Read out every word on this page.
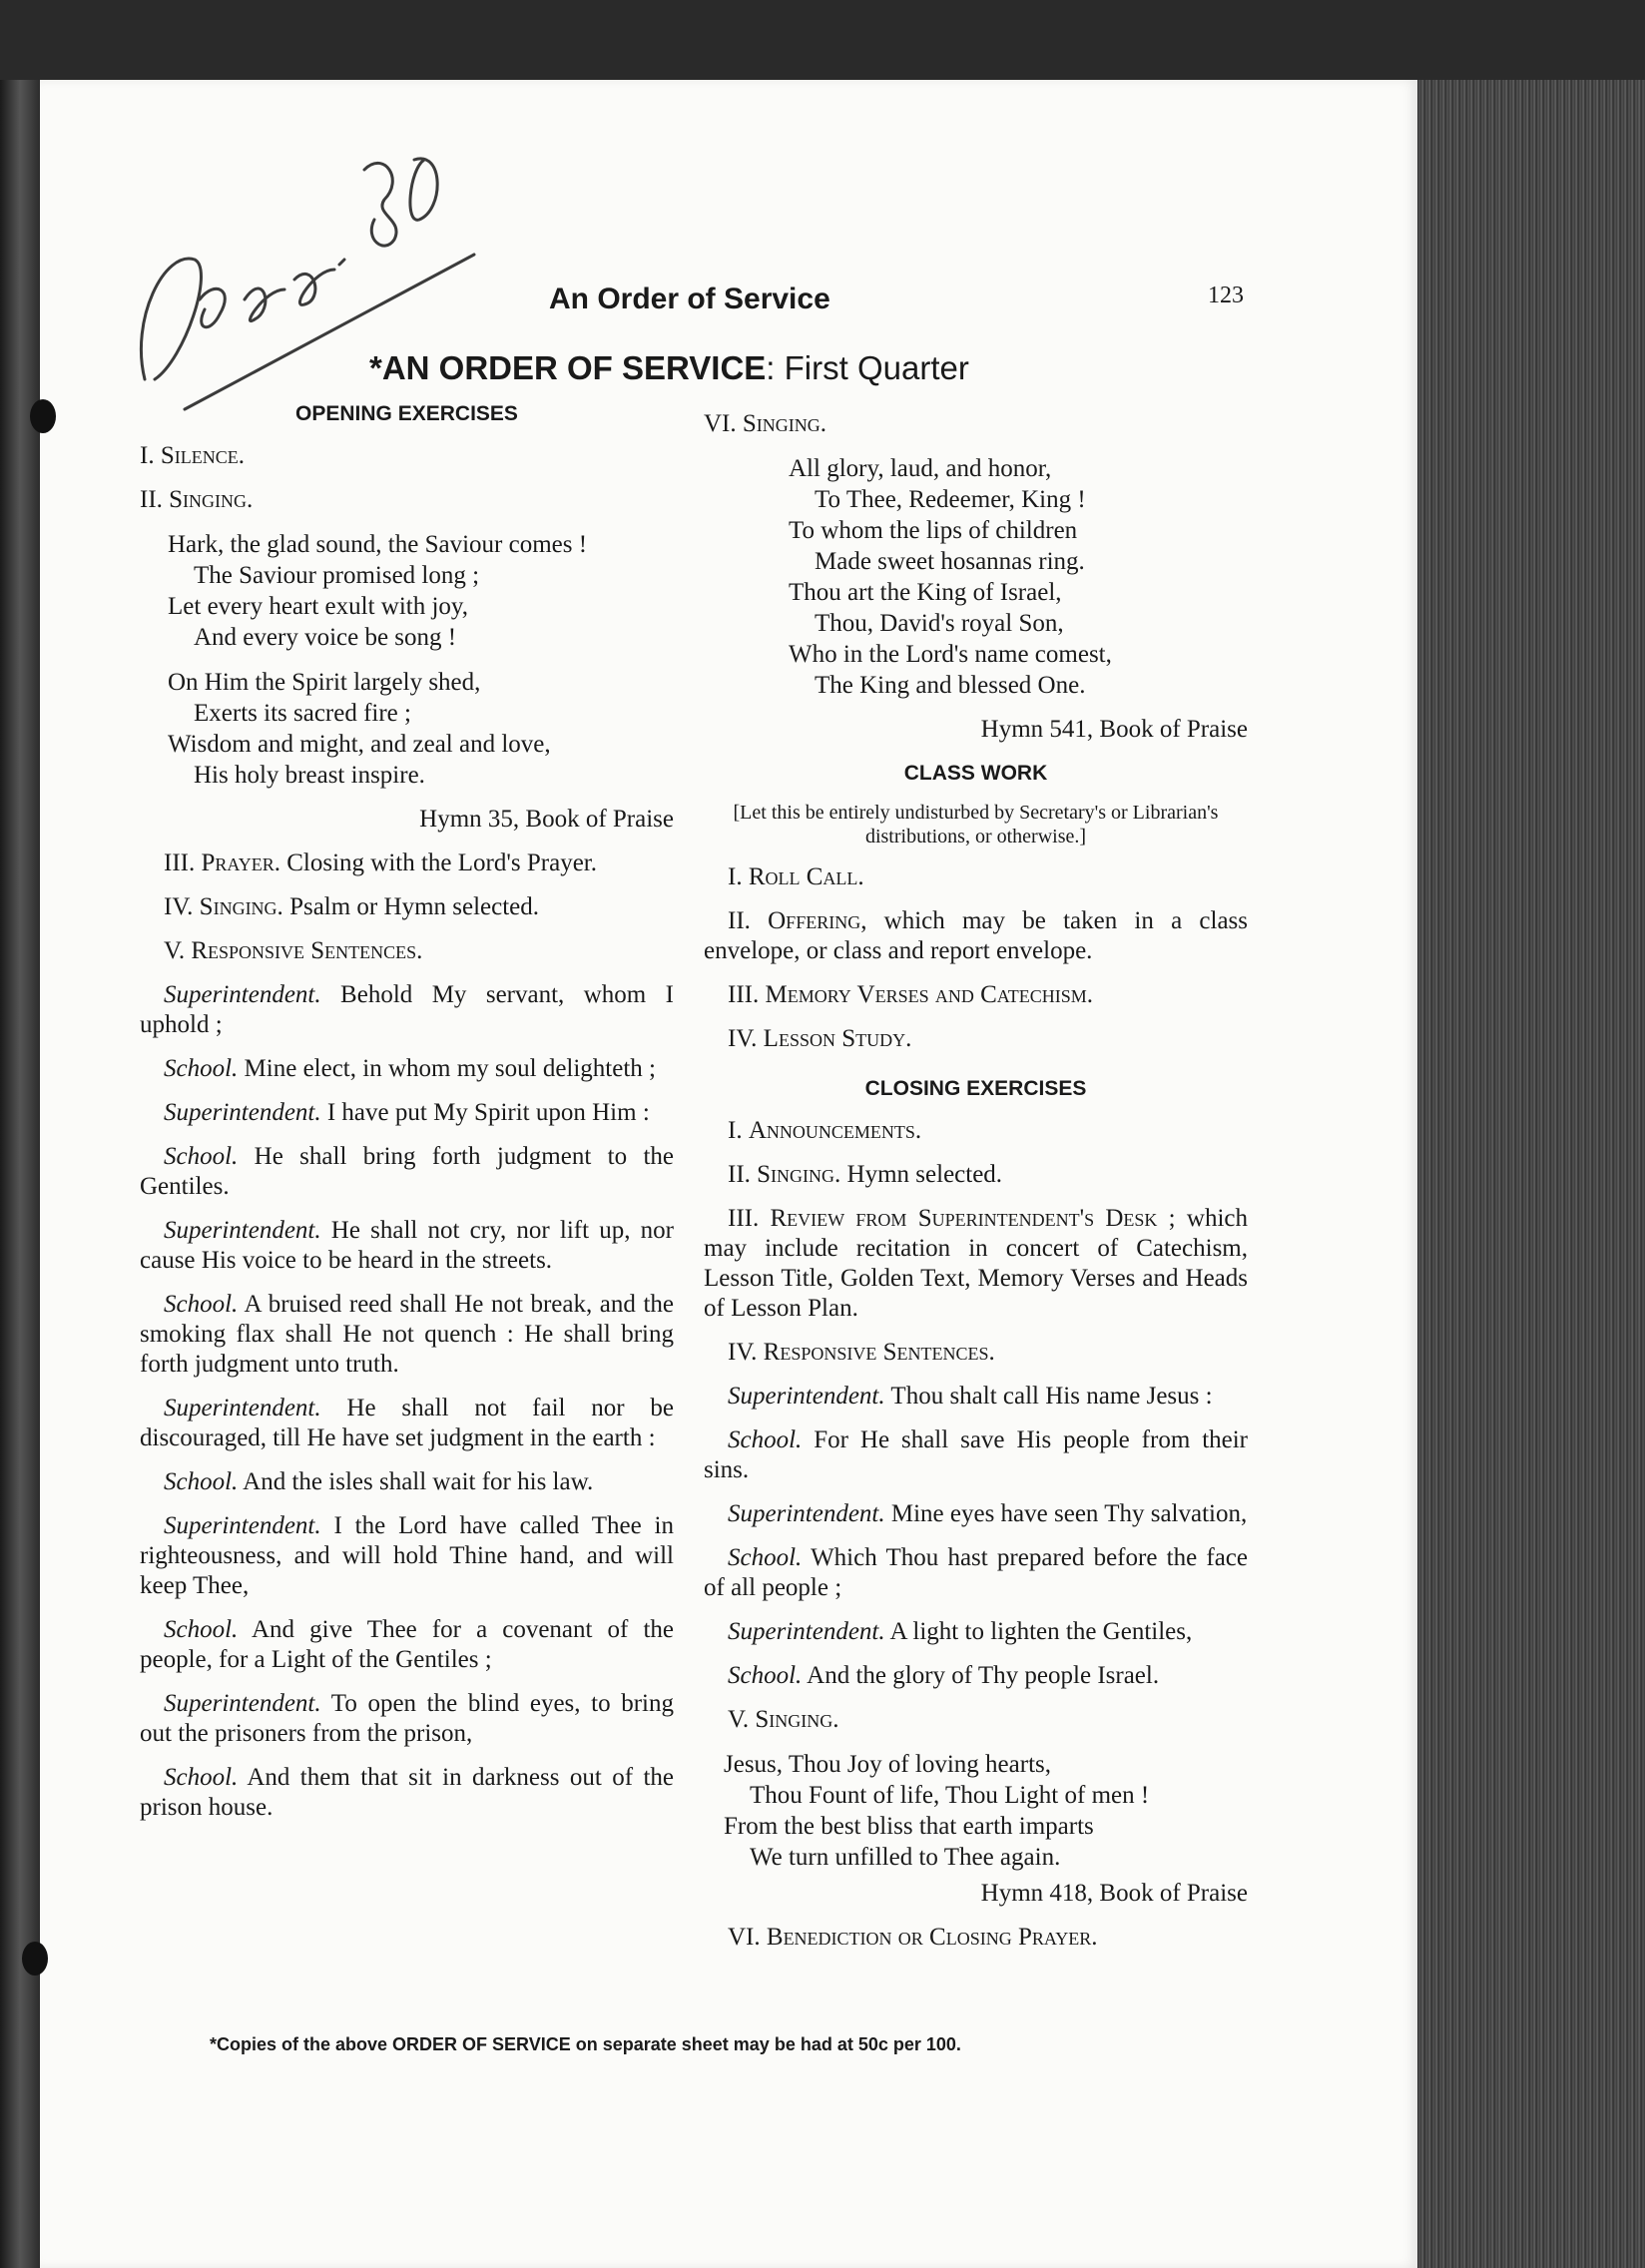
An Order of Service	123
*AN ORDER OF SERVICE: First Quarter
OPENING EXERCISES

I. Silence.

II. Singing.

Hark, the glad sound, the Saviour comes !
The Saviour promised long ;
Let every heart exult with joy,
And every voice be song !
On Him the Spirit largely shed,
Exerts its sacred fire ;
Wisdom and might, and zeal and love,
His holy breast inspire.

Hymn 35, Book of Praise

III. Prayer. Closing with the Lord's Prayer.

IV. Singing. Psalm or Hymn selected.

V. Responsive Sentences.

Superintendent. Behold My servant, whom I uphold ;

School. Mine elect, in whom my soul delighteth ;

Superintendent. I have put My Spirit upon Him :

School. He shall bring forth judgment to the Gentiles.

Superintendent. He shall not cry, nor lift up, nor cause His voice to be heard in the streets.

School. A bruised reed shall He not break, and the smoking flax shall He not quench : He shall bring forth judgment unto truth.

Superintendent. He shall not fail nor be discouraged, till He have set judgment in the earth :

School. And the isles shall wait for his law.

Superintendent. I the Lord have called Thee in righteousness, and will hold Thine hand, and will keep Thee,

School. And give Thee for a covenant of the people, for a Light of the Gentiles ;

Superintendent. To open the blind eyes, to bring out the prisoners from the prison,

School. And them that sit in darkness out of the prison house.

VI. Singing.

All glory, laud, and honor,
To Thee, Redeemer, King !
To whom the lips of children
Made sweet hosannas ring.
Thou art the King of Israel,
Thou, David's royal Son,
Who in the Lord's name comest,
The King and blessed One.

Hymn 541, Book of Praise

CLASS WORK

[Let this be entirely undisturbed by Secretary's or Librarian's distributions, or otherwise.]

I. Roll Call.

II. Offering, which may be taken in a class envelope, or class and report envelope.

III. Memory Verses and Catechism.

IV. Lesson Study.

CLOSING EXERCISES

I. Announcements.

II. Singing. Hymn selected.

III. Review from Superintendent's Desk ; which may include recitation in concert of Catechism, Lesson Title, Golden Text, Memory Verses and Heads of Lesson Plan.

IV. Responsive Sentences.

Superintendent. Thou shalt call His name Jesus :

School. For He shall save His people from their sins.

Superintendent. Mine eyes have seen Thy salvation,

School. Which Thou hast prepared before the face of all people ;

Superintendent. A light to lighten the Gentiles,

School. And the glory of Thy people Israel.

V. Singing.

Jesus, Thou Joy of loving hearts,
Thou Fount of life, Thou Light of men !
From the best bliss that earth imparts
We turn unfilled to Thee again.

Hymn 418, Book of Praise

VI. Benediction or Closing Prayer.

*Copies of the above ORDER OF SERVICE on separate sheet may be had at 50c per 100.
